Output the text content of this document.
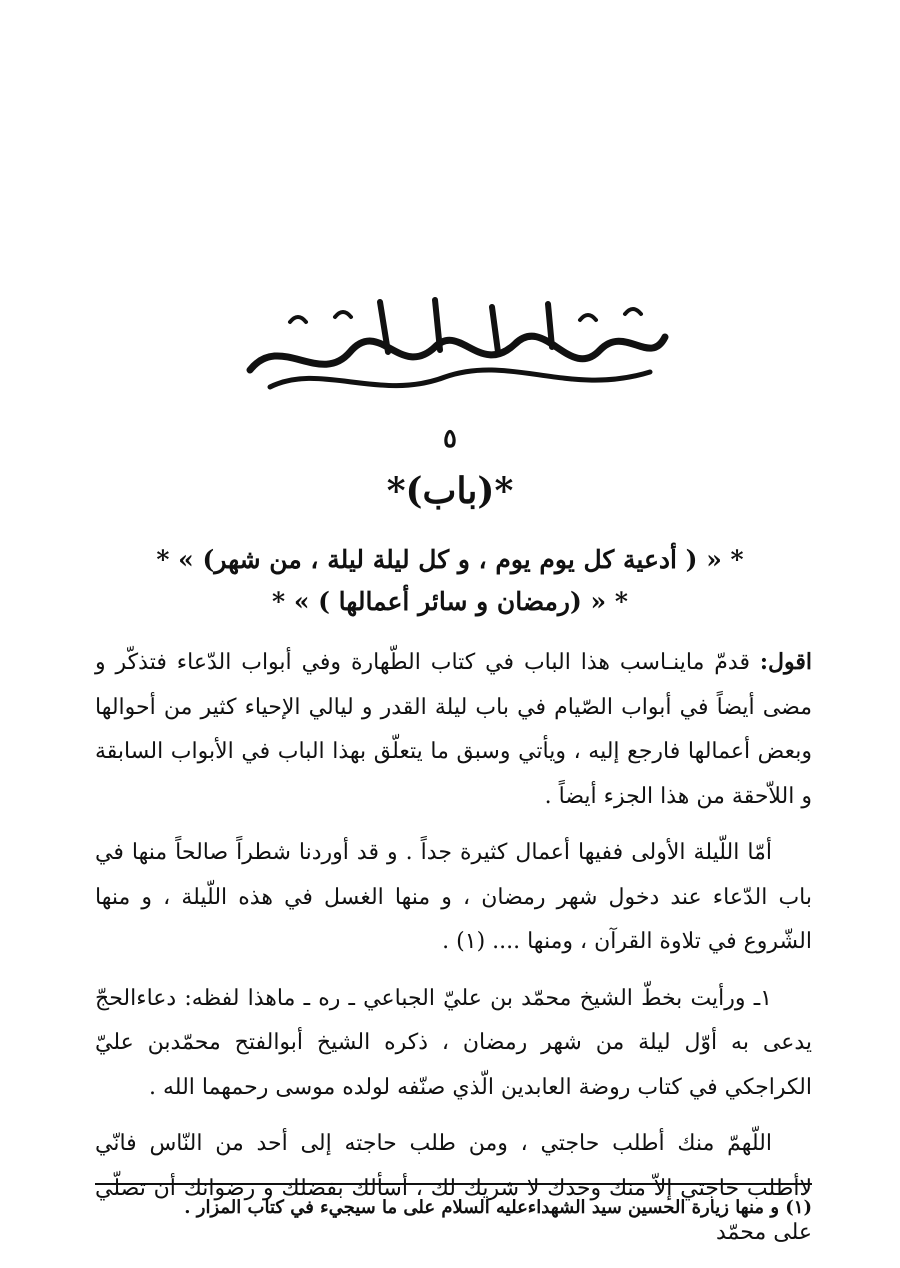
٥
*(باب)*
* « ( أدعية كل يوم يوم ، و كل ليلة ليلة ، من شهر) » *
* « (رمضان و سائر أعمالها ) » *

اقول: قدمّ ماينـاسب هذا الباب في كتاب الطّهارة وفي أبواب الدّعاء فتذكّر و مضى أيضاً في أبواب الصّيام في باب ليلة القدر و ليالي الإحياء كثير من أحوالها وبعض أعمالها فارجع إليه ، ويأتي وسبق ما يتعلّق بهذا الباب في الأبواب السابقة و اللاّحقة من هذا الجزء أيضاً .

أمّا اللّيلة الأولى ففيها أعمال كثيرة جداً . و قد أوردنا شطراً صالحاً منها في باب الدّعاء عند دخول شهر رمضان ، و منها الغسل في هذه اللّيلة ، و منها الشّروع في تلاوة القرآن ، ومنها .... (١) .

١ـ ورأيت بخطّ الشيخ محمّد بن عليّ الجباعي ـ ره ـ ماهذا لفظه: دعاءالحجّ يدعى به أوّل ليلة من شهر رمضان ، ذكره الشيخ أبوالفتح محمّدبن عليّ الكراجكي في كتاب روضة العابدين الّذي صنّفه لولده موسى رحمهما الله .

اللّهمّ منك أطلب حاجتي ، ومن طلب حاجته إلى أحد من النّاس فانّي لاأطلب حاجتي إلاّ منك وحدك لا شريك لك ، أسألك بفضلك و رضوانك أن تصلّي على محمّد

(١) و منها زيارة الحسين سيد الشهداءعليه السلام على ما سيجيء في كتاب المزار .
